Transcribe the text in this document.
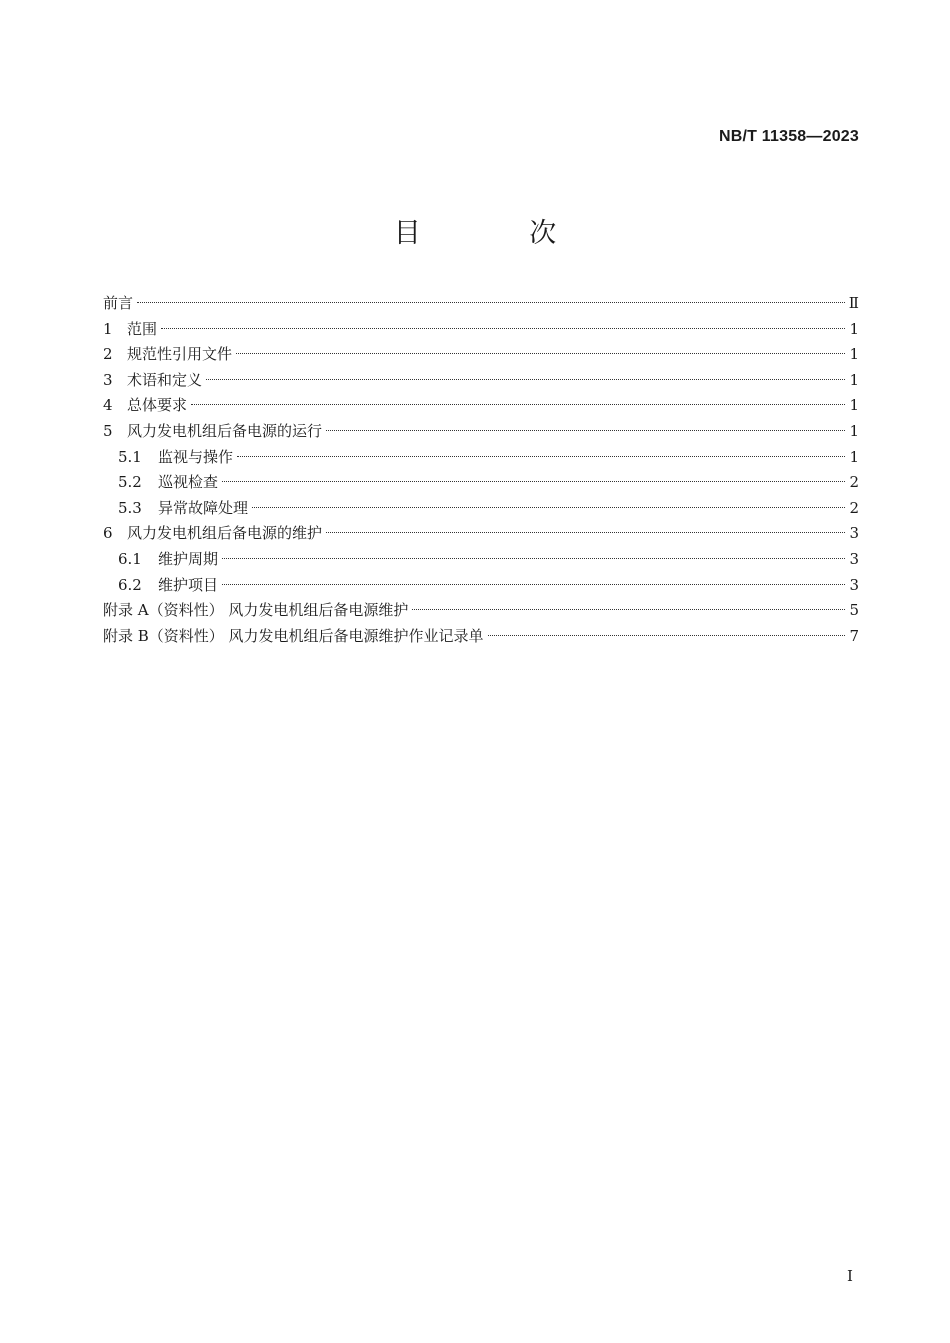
NB/T 11358—2023
目 次
前言	Ⅱ
1 范围	1
2 规范性引用文件	1
3 术语和定义	1
4 总体要求	1
5 风力发电机组后备电源的运行	1
5.1	监视与操作	1
5.2	巡视检查	2
5.3	异常故障处理	2
6 风力发电机组后备电源的维护	3
6.1	维护周期	3
6.2	维护项目	3
附录 A（资料性） 风力发电机组后备电源维护	5
附录 B（资料性） 风力发电机组后备电源维护作业记录单	7
I
